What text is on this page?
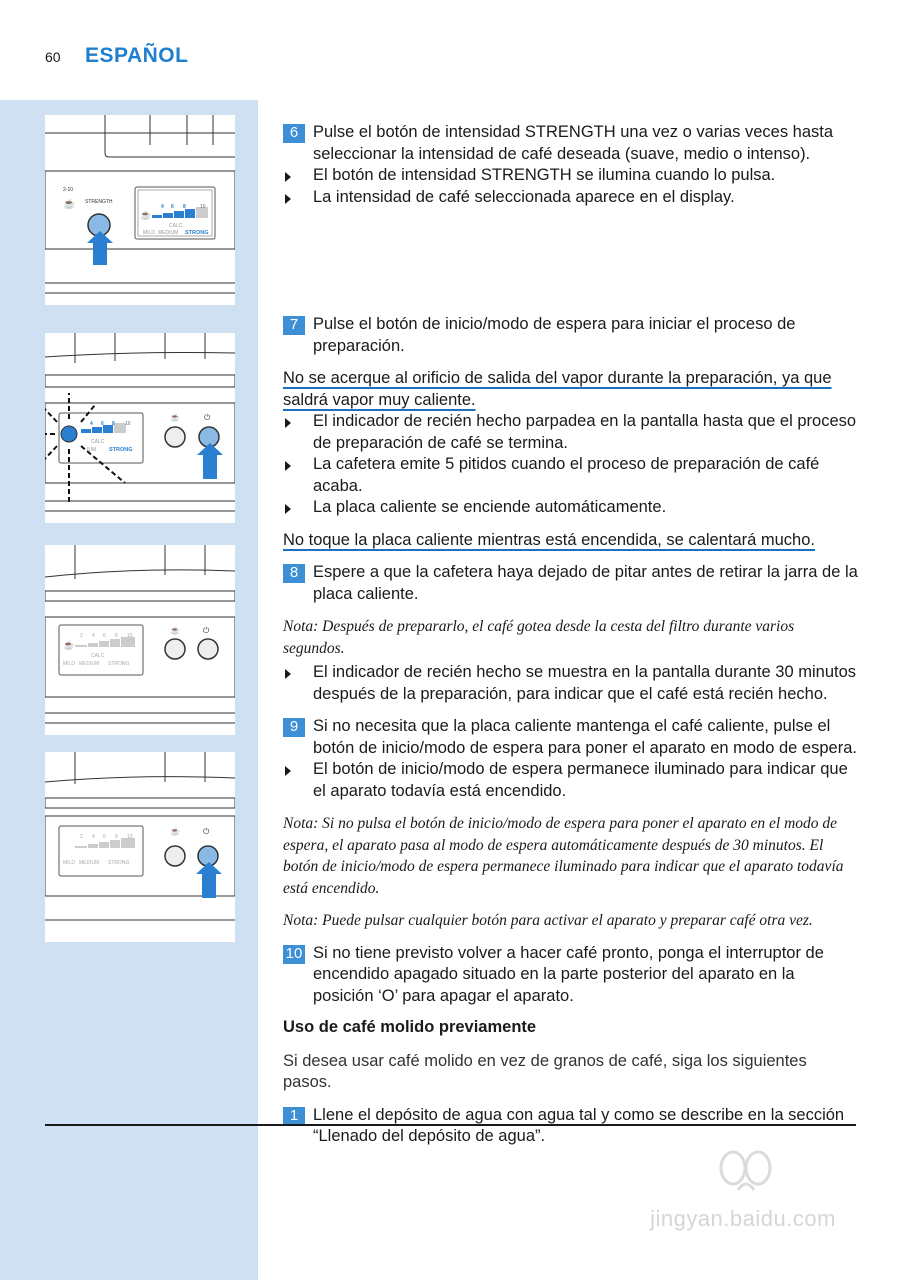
60 ESPAÑOL
2-10
☕ STRENGTH
☕
4 6 8	10
CALC
MILD MEDIUM STRONG
4 6 8 10
CALC
IUM STRONG
☕	⏻
☕
2 4 6 8 10
CALC
MILD MEDIUM STRONG
☕	⏻
2 4 6 8 10
MILD MEDIUM STRONG
☕	⏻
6 Pulse el botón de intensidad STRENGTH una vez o varias veces hasta seleccionar la intensidad de café deseada (suave, medio o intenso).
El botón de intensidad STRENGTH se ilumina cuando lo pulsa.
La intensidad de café seleccionada aparece en el display.
7 Pulse el botón de inicio/modo de espera para iniciar el proceso de preparación.
No se acerque al orificio de salida del vapor durante la preparación, ya que saldrá vapor muy caliente.
El indicador de recién hecho parpadea en la pantalla hasta que el proceso de preparación de café se termina.
La cafetera emite 5 pitidos cuando el proceso de preparación de café acaba.
La placa caliente se enciende automáticamente.
No toque la placa caliente mientras está encendida, se calentará mucho.
8 Espere a que la cafetera haya dejado de pitar antes de retirar la jarra de la placa caliente.
Nota: Después de prepararlo, el café gotea desde la cesta del filtro durante varios segundos.
El indicador de recién hecho se muestra en la pantalla durante 30 minutos después de la preparación, para indicar que el café está recién hecho.
9 Si no necesita que la placa caliente mantenga el café caliente, pulse el botón de inicio/modo de espera para poner el aparato en modo de espera.
El botón de inicio/modo de espera permanece iluminado para indicar que el aparato todavía está encendido.
Nota: Si no pulsa el botón de inicio/modo de espera para poner el aparato en el modo de espera, el aparato pasa al modo de espera automáticamente después de 30 minutos. El botón de inicio/modo de espera permanece iluminado para indicar que el aparato todavía está encendido.
Nota: Puede pulsar cualquier botón para activar el aparato y preparar café otra vez.
10 Si no tiene previsto volver a hacer café pronto, ponga el interruptor de encendido apagado situado en la parte posterior del aparato en la posición ‘O’ para apagar el aparato.
Uso de café molido previamente
Si desea usar café molido en vez de granos de café, siga los siguientes pasos.
1 Llene el depósito de agua con agua tal y como se describe en la sección “Llenado del depósito de agua”.
jingyan.baidu.com
